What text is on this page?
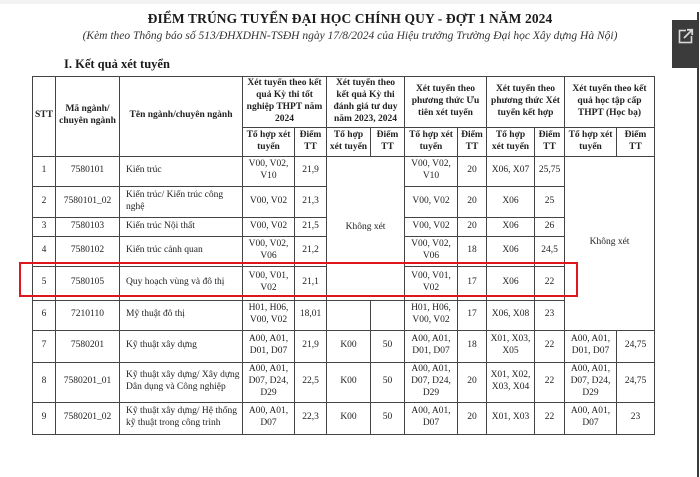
ĐIỂM TRÚNG TUYỂN ĐẠI HỌC CHÍNH QUY - ĐỢT 1 NĂM 2024
(Kèm theo Thông báo số 513/ĐHXDHN-TSĐH ngày 17/8/2024 của Hiệu trưởng Trường Đại học Xây dựng Hà Nội)
I. Kết quả xét tuyển
STT	Mã ngành/ chuyên ngành	Tên ngành/chuyên ngành	Xét tuyển theo kết quả Kỳ thi tốt nghiệp THPT năm 2024		Xét tuyển theo kết quả Kỳ thi đánh giá tư duy năm 2023, 2024		Xét tuyển theo phương thức Ưu tiên xét tuyển		Xét tuyển theo phương thức Xét tuyển kết hợp		Xét tuyển theo kết quả học tập cấp THPT (Học bạ)	
			Tổ hợp xét tuyển	Điểm TT	Tổ hợp xét tuyển	Điểm TT	Tổ hợp xét tuyển	Điểm TT	Tổ hợp xét tuyển	Điểm TT	Tổ hợp xét tuyển	Điểm TT
1	7580101	Kiến trúc	V00, V02, V10	21,9	Không xét		V00, V02, V10	20	X06, X07	25,75	Không xét	
2	7580101_02	Kiến trúc/ Kiến trúc công nghệ	V00, V02	21,3			V00, V02	20	X06	25		
3	7580103	Kiến trúc Nội thất	V00, V02	21,5			V00, V02	20	X06	26		
4	7580102	Kiến trúc cảnh quan	V00, V02, V06	21,2			V00, V02, V06	18	X06	24,5		
5	7580105	Quy hoạch vùng và đô thị	V00, V01, V02	21,1			V00, V01, V02	17	X06	22		
6	7210110	Mỹ thuật đô thị	H01, H06, V00, V02	18,01			H01, H06, V00, V02	17	X06, X08	23		
7	7580201	Kỹ thuật xây dựng	A00, A01, D01, D07	21,9	K00	50	A00, A01, D01, D07	18	X01, X03, X05	22	A00, A01, D01, D07	24,75
8	7580201_01	Kỹ thuật xây dựng/ Xây dựng Dân dụng và Công nghiệp	A00, A01, D07, D24, D29	22,5	K00	50	A00, A01, D07, D24, D29	20	X01, X02, X03, X04	22	A00, A01, D07, D24, D29	24,75
9	7580201_02	Kỹ thuật xây dựng/ Hệ thống kỹ thuật trong công trình	A00, A01, D07	22,3	K00	50	A00, A01, D07	20	X01, X03	22	A00, A01, D07	23
